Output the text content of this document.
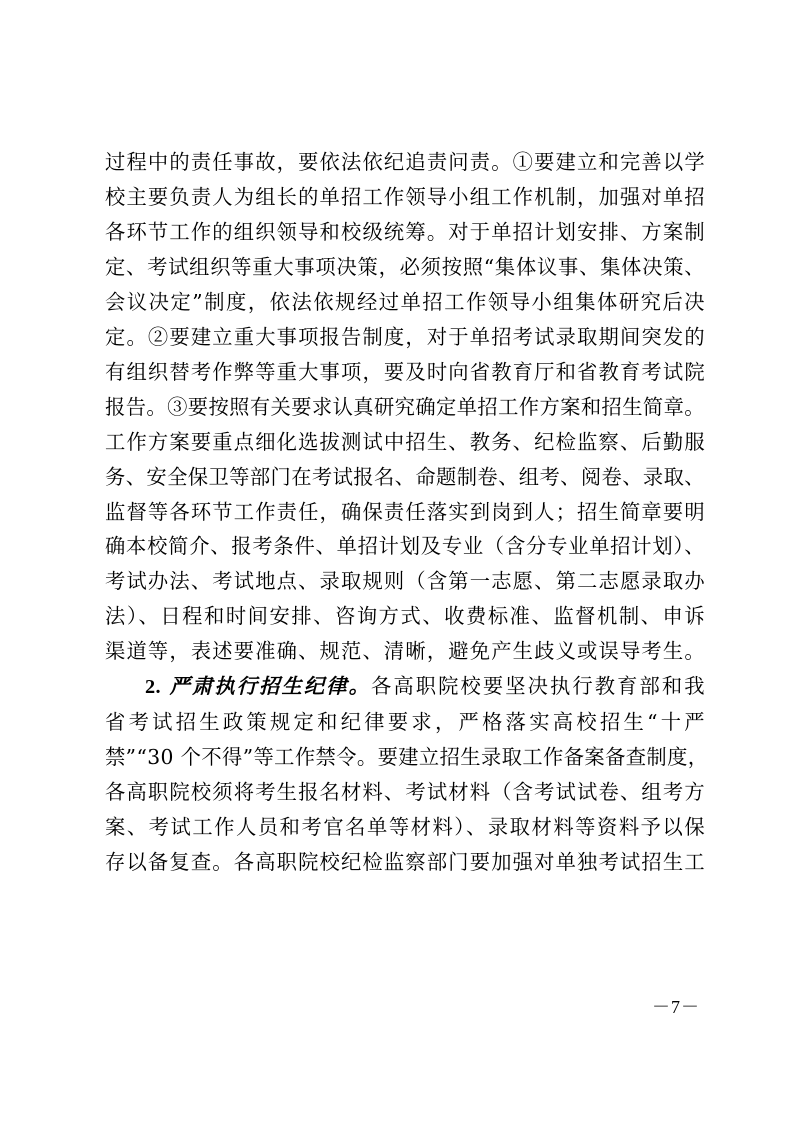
过程中的责任事故，要依法依纪追责问责。①要建立和完善以学
校主要负责人为组长的单招工作领导小组工作机制，加强对单招
各环节工作的组织领导和校级统筹。对于单招计划安排、方案制
定、考试组织等重大事项决策，必须按照“集体议事、集体决策、
会议决定”制度，依法依规经过单招工作领导小组集体研究后决
定。②要建立重大事项报告制度，对于单招考试录取期间突发的
有组织替考作弊等重大事项，要及时向省教育厅和省教育考试院
报告。③要按照有关要求认真研究确定单招工作方案和招生简章。
工作方案要重点细化选拔测试中招生、教务、纪检监察、后勤服
务、安全保卫等部门在考试报名、命题制卷、组考、阅卷、录取、
监督等各环节工作责任，确保责任落实到岗到人；招生简章要明
确本校简介、报考条件、单招计划及专业（含分专业单招计划）、
考试办法、考试地点、录取规则（含第一志愿、第二志愿录取办
法）、日程和时间安排、咨询方式、收费标准、监督机制、申诉
渠道等，表述要准确、规范、清晰，避免产生歧义或误导考生。
2. 严肃执行招生纪律。各高职院校要坚决执行教育部和我
省考试招生政策规定和纪律要求，严格落实高校招生“十严
禁”“30 个不得”等工作禁令。要建立招生录取工作备案备查制度，
各高职院校须将考生报名材料、考试材料（含考试试卷、组考方
案、考试工作人员和考官名单等材料）、录取材料等资料予以保
存以备复查。各高职院校纪检监察部门要加强对单独考试招生工
－7－
